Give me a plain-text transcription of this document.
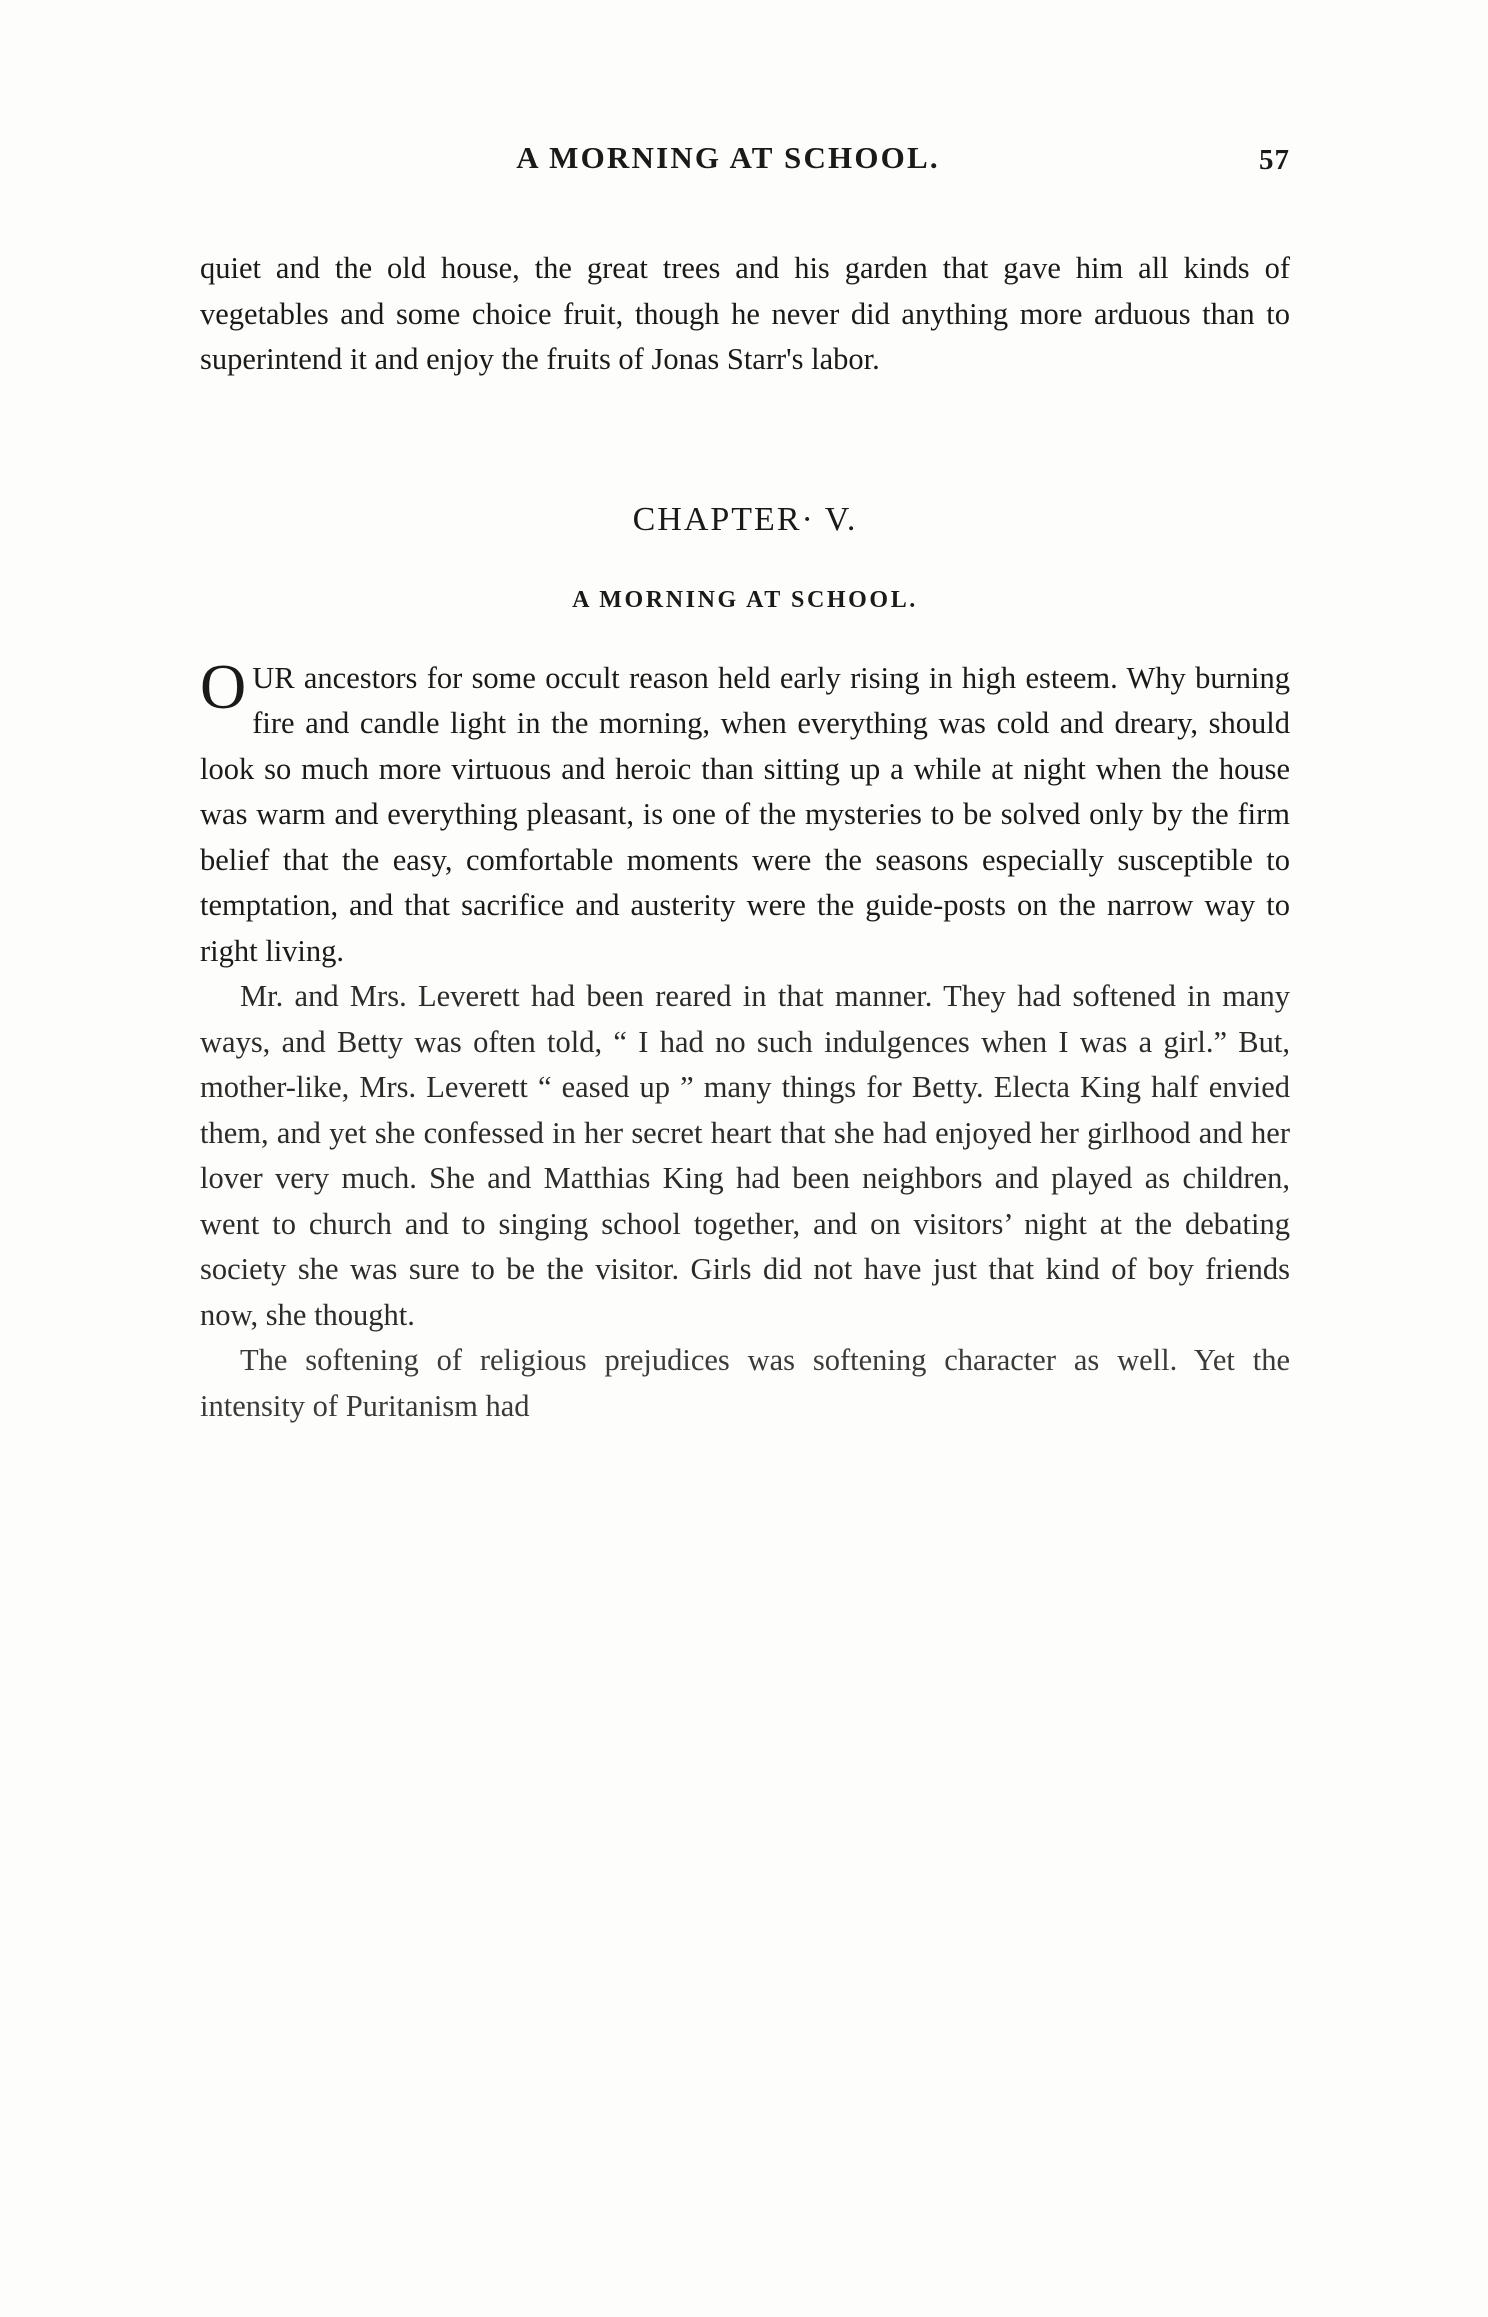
A MORNING AT SCHOOL.	57

quiet and the old house, the great trees and his garden that gave him all kinds of vegetables and some choice fruit, though he never did anything more arduous than to superintend it and enjoy the fruits of Jonas Starr's labor.

CHAPTER· V.
A MORNING AT SCHOOL.
OUR ancestors for some occult reason held early rising in high esteem. Why burning fire and candle light in the morning, when everything was cold and dreary, should look so much more virtuous and heroic than sitting up a while at night when the house was warm and everything pleasant, is one of the mysteries to be solved only by the firm belief that the easy, comfortable moments were the seasons especially susceptible to temptation, and that sacrifice and austerity were the guide-posts on the narrow way to right living.

Mr. and Mrs. Leverett had been reared in that manner. They had softened in many ways, and Betty was often told, “ I had no such indulgences when I was a girl.” But, mother-like, Mrs. Leverett “ eased up ” many things for Betty. Electa King half envied them, and yet she confessed in her secret heart that she had enjoyed her girlhood and her lover very much. She and Matthias King had been neighbors and played as children, went to church and to singing school together, and on visitors’ night at the debating society she was sure to be the visitor. Girls did not have just that kind of boy friends now, she thought.

The softening of religious prejudices was softening character as well. Yet the intensity of Puritanism had
